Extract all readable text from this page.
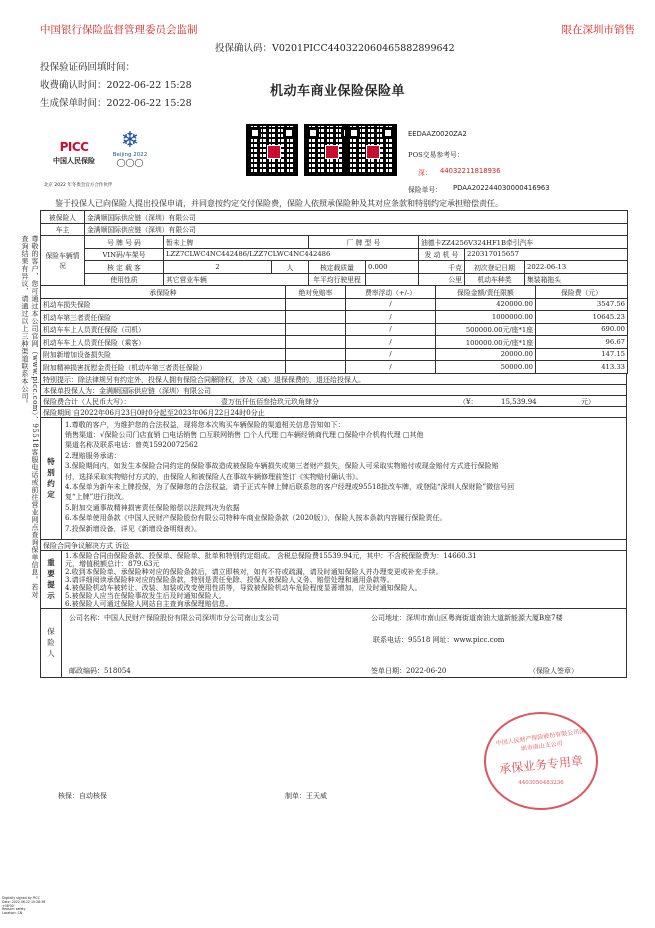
中国银行保险监督管理委员会监制	限在深圳市销售
投保确认码：V0201PICC440322060465882899642
投保验证码回填时间：
收费确认时间：2022-06-22 15:28
生成保单时间：2022-06-22 15:28
机动车商业保险保险单
PICC
中国人民保险
❄
Beijing 2022
◯◯◯
北京 2022 年冬奥会官方合作伙伴
EEDAAZ0020ZA2
POS交易参考号：
深： 44032211818936
保险单号： PDAA202244030000416963
鉴于投保人已向保险人提出投保申请，并同意按约定交付保险费，保险人依照承保险种及其对应条款和特别约定承担赔偿责任。
尊敬的客户，您可通过本公司官网（www.picc.com）、95518客服电话或前往营业网点查询保单信息。若对查询结果有异议，请通过以上三种渠道联系本公司。
被保险人	金满顺国际供应链（深圳）有限公司							
车主	金满顺国际供应链（深圳）有限公司							
保险车辆情况	号 牌 号 码	暂未上牌		厂 牌 型 号		油德卡ZZ4256V324HF1B牵引汽车		
	VIN码/车架号	LZZ7CLWC4NC442486/LZZ7CLWC4NC442486				发 动 机 号	220317015657	
	核 定 载 客	2	人	核定载质量	0.000	千克	初次登记日期	2022-06-13
	使用性质	其它营业车辆		年平均行驶里程		公里	机动车种类	集装箱拖头
承保险种	绝对免赔率	费率浮动（+/-）	保险金额/责任限额	保险费（元）
机动车损失保险		/	420000.00	3547.56
机动车第三者责任保险		/	1000000.00	10645.23
机动车车上人员责任保险（司机）		/	500000.00元/座*1座	690.00
机动车车上人员责任保险（乘客）		/	100000.00元/座*1座	96.67
附加新增加设备损失险		/	20000.00	147.15
附加精神损害抚慰金责任险（机动车第三者责任保险）		/	50000.00	413.33
特别提示：除法律规另有约定外，投保人拥有保险合同解除权，涉及（减）退保保费的，退还给投保人。
本保单投保人为：金满顺国际供应链（深圳）有限公司
保险费合计（人民币大写）：	壹万伍仟伍佰叁拾玖元玖角肆分	（¥：	15,539.94	元）
保险期间 自2022年06月23日0时0分起至2023年06月22日24时0分止
特别约定
1.尊敬的客户，为维护您的合法权益，现将您本次购买车辆保险的渠道相关信息告知如下：
销售渠道：√保险公司门店直销 □电话销售 □互联网销售 □个人代理 □车辆经销商代理 □保险中介机构代理 □其他
渠道名称及联系电话：曾英15920072562
2.理赔服务承诺：
3.保险期间内，如发生本保险合同约定的保险事故造成被保险车辆损失或第三者财产损失，保险人可采取实物赔付或现金赔付方式进行保险赔
付，选择采取实物赔付方式的，由保险人和被保险人在事故车辆修理前签订《实物赔付确认书》。
4.本保单为新车未上牌投保，为了保障您的合法权益，请于正式车牌上牌后联系您的客户经理或95518批改车牌，或登陆“深圳人保财险”微信号回
复“上牌”进行批改。
5.附加交通事故精神损害责任保险赔偿以法院判决为依据
6.本保单使用条款《中国人民财产保险股份有限公司特种车商业保险条款（2020版）》，保险人按本条款内容履行保险责任。
7.投保新增设备，详见《新增设备明细表》。
保险合同争议解决方式 诉讼
重要提示
1.本保险合同由保险条款、投保单、保险单、批单和特别约定组成。 含税总保险费15539.94元，其中：不含税保险费为：14660.31
元，增值税额总计：879.63元
2.收到本保险单、承保险种对应的保险条款后，请立即核对，如有不符或疏漏，请及时通知保险人并办理变更或补充手续。
3.请详细阅读承保险种对应的保险条款，特别是责任免除、投保人被保险人义务、赔偿处理和通用条款等。
4.被保险机动车被转让、改装、加装或改变使用性质等，导致被保险机动车危险程度显著增加，应及时通知保险人。
5.被保险人应当在保险事故发生后及时通知保险人。
6.被保险人可通过保险人网站自主查询承保理赔信息。
保险人
公司名称：中国人民财产保险股份有限公司深圳市分公司南山支公司	公司地址：深圳市南山区粤海街道南油大道新能源大厦B座7楼
联系电话：95518 网址：www.picc.com
邮政编码：518054	签单日期：2022-06-20	（保险人签章）
核保：自动核保	制单：王天威
中国人民财产保险股份有限公司深圳市南山支公司
承保业务专用章
4403050483236
Digitally signed by PICC
Date: 2022.06.22 15:28:36
+08'00'
Reason: safety
Location: CN
